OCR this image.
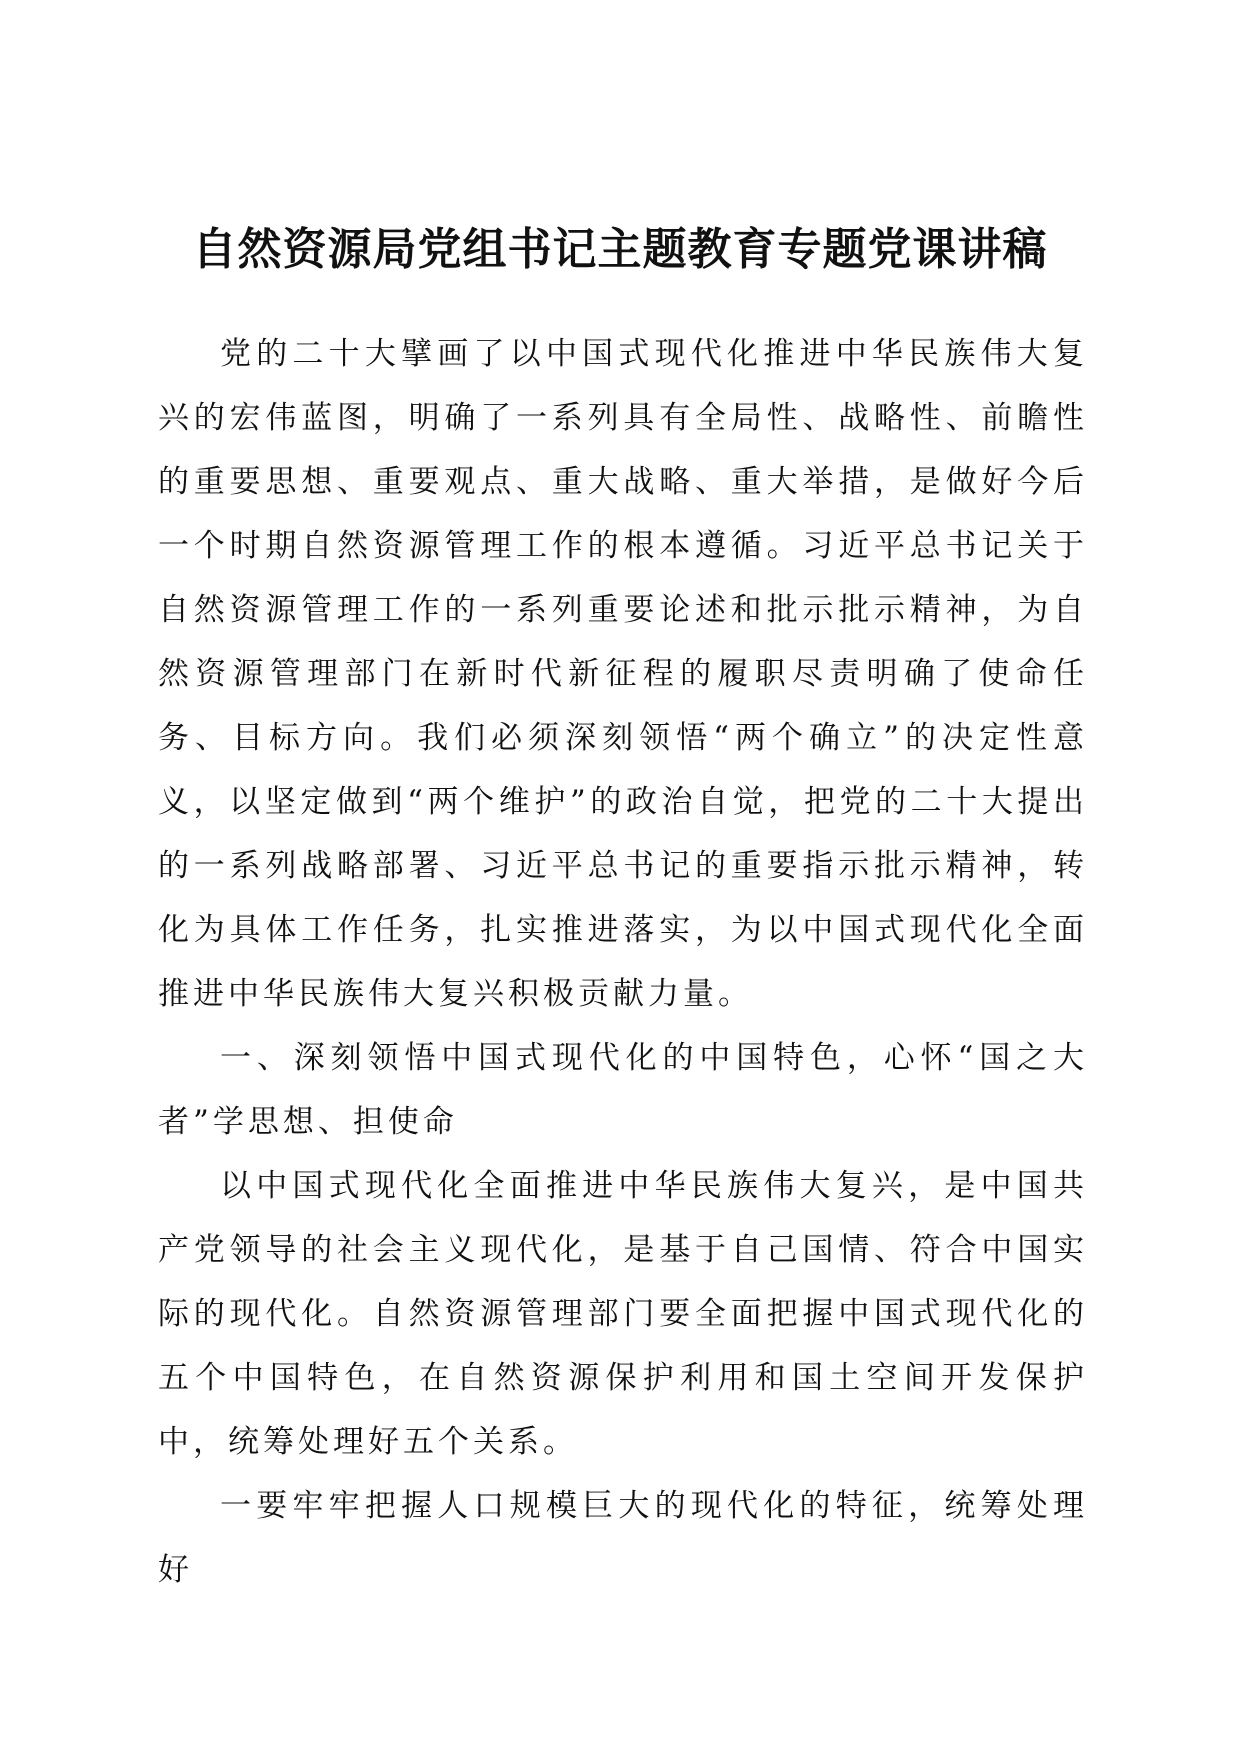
自然资源局党组书记主题教育专题党课讲稿

党的二十大擘画了以中国式现代化推进中华民族伟大复兴的宏伟蓝图，明确了一系列具有全局性、战略性、前瞻性的重要思想、重要观点、重大战略、重大举措，是做好今后一个时期自然资源管理工作的根本遵循。习近平总书记关于自然资源管理工作的一系列重要论述和批示批示精神，为自然资源管理部门在新时代新征程的履职尽责明确了使命任务、目标方向。我们必须深刻领悟“两个确立”的决定性意义，以坚定做到“两个维护”的政治自觉，把党的二十大提出的一系列战略部署、习近平总书记的重要指示批示精神，转化为具体工作任务，扎实推进落实，为以中国式现代化全面推进中华民族伟大复兴积极贡献力量。

一、深刻领悟中国式现代化的中国特色，心怀“国之大者”学思想、担使命

以中国式现代化全面推进中华民族伟大复兴，是中国共产党领导的社会主义现代化，是基于自己国情、符合中国实际的现代化。自然资源管理部门要全面把握中国式现代化的五个中国特色，在自然资源保护利用和国土空间开发保护中，统筹处理好五个关系。

一要牢牢把握人口规模巨大的现代化的特征，统筹处理好
